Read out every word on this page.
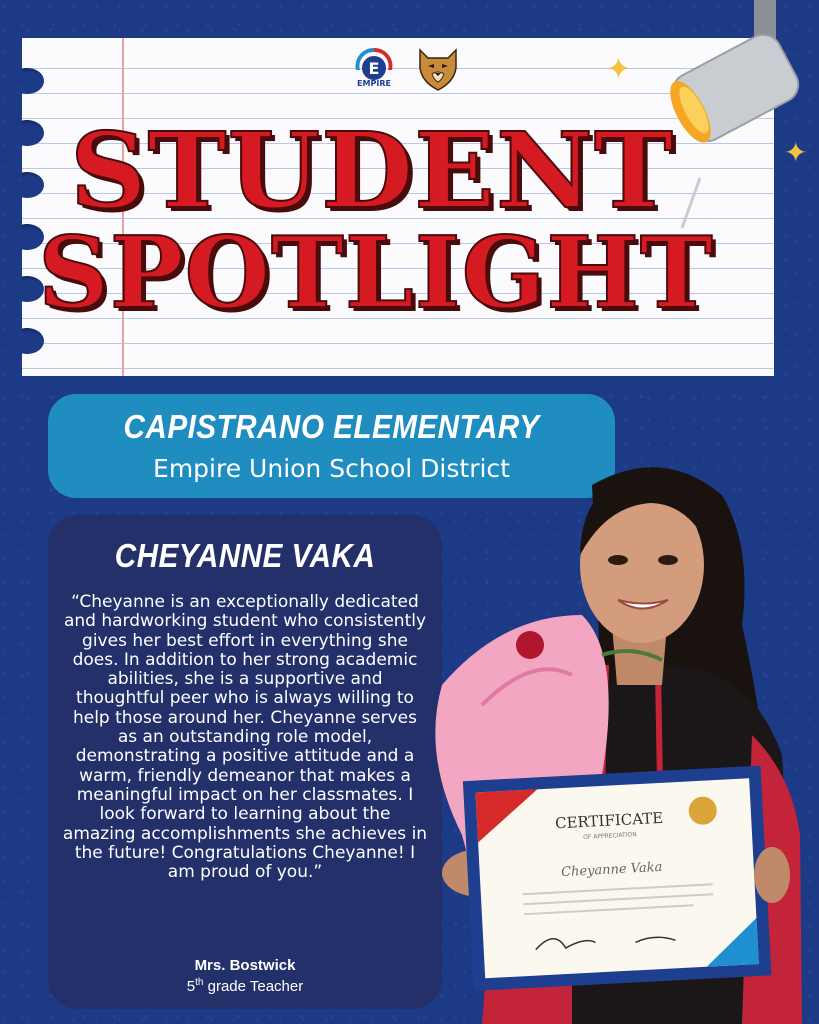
E
EMPIRE
STUDENT
SPOTLIGHT
✦
✦
CAPISTRANO ELEMENTARY
Empire Union School District
CHEYANNE VAKA
“Cheyanne is an exceptionally dedicated and hardworking student who consistently gives her best effort in everything she does. In addition to her strong academic abilities, she is a supportive and thoughtful peer who is always willing to help those around her. Cheyanne serves as an outstanding role model, demonstrating a positive attitude and a warm, friendly demeanor that makes a meaningful impact on her classmates. I look forward to learning about the amazing accomplishments she achieves in the future! Congratulations Cheyanne! I am proud of you.”
Mrs. Bostwick
5th grade Teacher
CERTIFICATE
OF APPRECIATION
Cheyanne Vaka
